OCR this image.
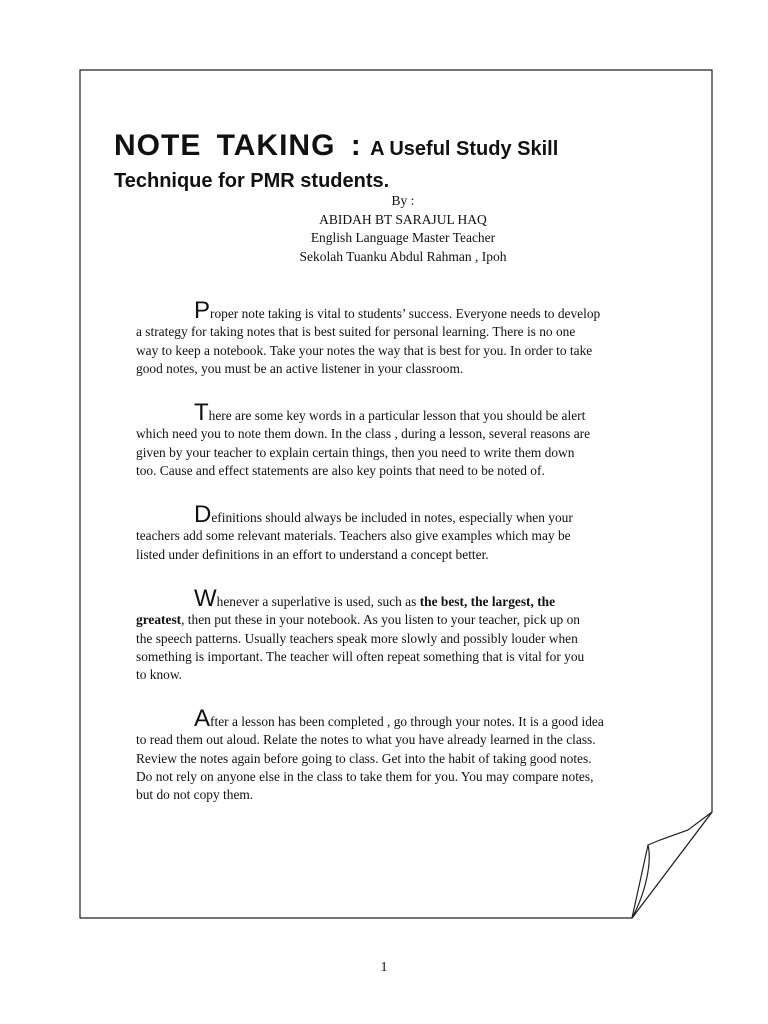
NOTE TAKING : A Useful Study Skill
Technique for PMR students.
By :
ABIDAH BT SARAJUL HAQ
English Language Master Teacher
Sekolah Tuanku Abdul Rahman , Ipoh
Proper note taking is vital to students’ success. Everyone needs to develop
a strategy for taking notes that is best suited for personal learning. There is no one
way to keep a notebook. Take your notes the way that is best for you. In order to take
good notes, you must be an active listener in your classroom.
There are some key words in a particular lesson that you should be alert
which need you to note them down. In the class , during a lesson, several reasons are
given by your teacher to explain certain things, then you need to write them down
too. Cause and effect statements are also key points that need to be noted of.
Definitions should always be included in notes, especially when your
teachers add some relevant materials. Teachers also give examples which may be
listed under definitions in an effort to understand a concept better.
Whenever a superlative is used, such as the best, the largest, the
greatest, then put these in your notebook. As you listen to your teacher, pick up on
the speech patterns. Usually teachers speak more slowly and possibly louder when
something is important. The teacher will often repeat something that is vital for you
to know.
After a lesson has been completed , go through your notes. It is a good idea
to read them out aloud. Relate the notes to what you have already learned in the class.
Review the notes again before going to class. Get into the habit of taking good notes.
Do not rely on anyone else in the class to take them for you. You may compare notes,
but do not copy them.
1
